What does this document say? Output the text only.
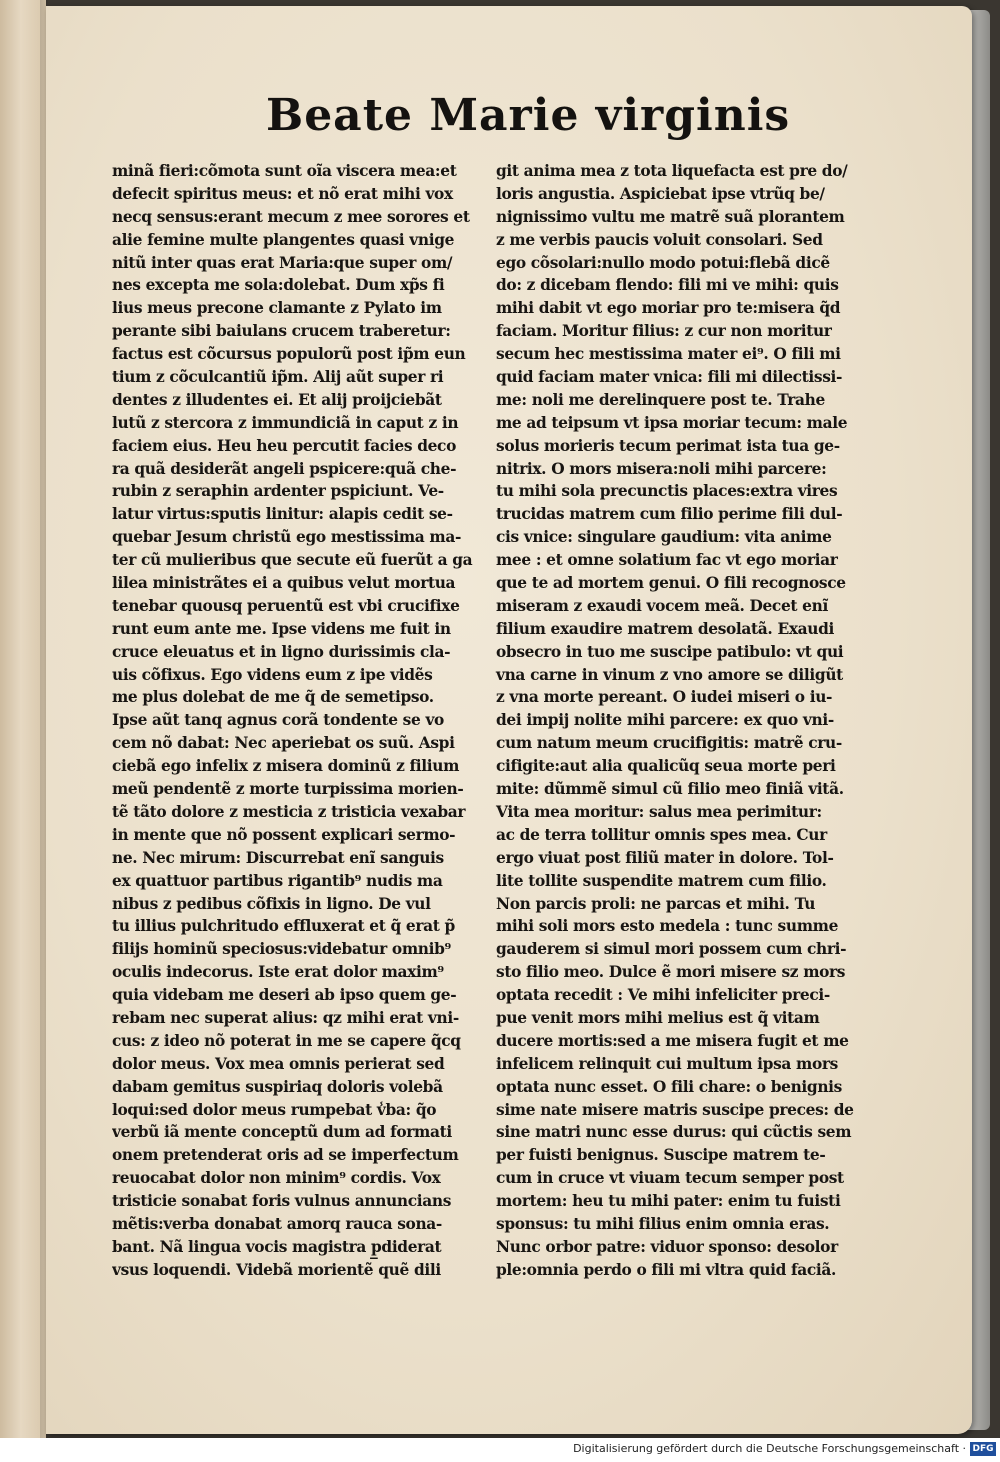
Beate Marie virginis
minã fieri:cõmota sunt oĩa viscera mea:et
defecit spiritus meus: et nõ erat mihi vox
necq sensus:erant mecum z mee sorores et
alie femine multe plangentes quasi vnige
nitũ inter quas erat Maria:que super om/
nes excepta me sola:dolebat. Dum xp̃s fi
lius meus precone clamante z Pylato im
perante sibi baiulans crucem traberetur:
factus est cõcursus populorũ post ip̃m eun
tium z cõculcantiũ ip̃m. Alij aũt super ri
dentes z illudentes ei. Et alij proijciebãt
lutũ z stercora z immundiciã in caput z in
faciem eius. Heu heu percutit facies deco
ra quã desiderãt angeli pspicere:quã che-
rubin z seraphin ardenter pspiciunt. Ve-
latur virtus:sputis linitur: alapis cedit se-
quebar Jesum christũ ego mestissima ma-
ter cũ mulieribus que secute eũ fuerũt a ga
lilea ministrãtes ei a quibus velut mortua
tenebar quousq peruentũ est vbi crucifixe
runt eum ante me. Ipse videns me fuit in
cruce eleuatus et in ligno durissimis cla-
uis cõfixus. Ego videns eum z ipe vidẽs
me plus dolebat de me q̃ de semetipso.
Ipse aũt tanq agnus corã tondente se vo
cem nõ dabat: Nec aperiebat os suũ. Aspi
ciebã ego infelix z misera dominũ z filium
meũ pendentẽ z morte turpissima morien-
tẽ tãto dolore z mesticia z tristicia vexabar
in mente que nõ possent explicari sermo-
ne. Nec mirum: Discurrebat enĩ sanguis
ex quattuor partibus rigantib⁹ nudis ma
nibus z pedibus cõfixis in ligno. De vul
tu illius pulchritudo effluxerat et q̃ erat p̃
filijs hominũ speciosus:videbatur omnib⁹
oculis indecorus. Iste erat dolor maxim⁹
quia videbam me deseri ab ipso quem ge-
rebam nec superat alius: qz mihi erat vni-
cus: z ideo nõ poterat in me se capere q̃cq
dolor meus. Vox mea omnis perierat sed
dabam gemitus suspiriaq doloris volebã
loqui:sed dolor meus rumpebat v̾ba: q̃o
verbũ iã mente conceptũ dum ad formati
onem pretenderat oris ad se imperfectum
reuocabat dolor non minim⁹ cordis. Vox
tristicie sonabat foris vulnus annuncians
mẽtis:verba donabat amorq rauca sona-
bant. Nã lingua vocis magistra p̲diderat
vsus loquendi. Videbã morientẽ quẽ dili
git anima mea z tota liquefacta est pre do/
loris angustia. Aspiciebat ipse vtrũq be/
nignissimo vultu me matrẽ suã plorantem
z me verbis paucis voluit consolari. Sed
ego cõsolari:nullo modo potui:flebã dicẽ
do: z dicebam flendo: fili mi ve mihi: quis
mihi dabit vt ego moriar pro te:misera q̃d
faciam. Moritur filius: z cur non moritur
secum hec mestissima mater ei⁹. O fili mi
quid faciam mater vnica: fili mi dilectissi-
me: noli me derelinquere post te. Trahe
me ad teipsum vt ipsa moriar tecum: male
solus morieris tecum perimat ista tua ge-
nitrix. O mors misera:noli mihi parcere:
tu mihi sola precunctis places:extra vires
trucidas matrem cum filio perime fili dul-
cis vnice: singulare gaudium: vita anime
mee : et omne solatium fac vt ego moriar
que te ad mortem genui. O fili recognosce
miseram z exaudi vocem meã. Decet enĩ
filium exaudire matrem desolatã. Exaudi
obsecro in tuo me suscipe patibulo: vt qui
vna carne in vinum z vno amore se diligũt
z vna morte pereant. O iudei miseri o iu-
dei impij nolite mihi parcere: ex quo vni-
cum natum meum crucifigitis: matrẽ cru-
cifigite:aut alia qualicũq seua morte peri
mite: dũmmẽ simul cũ filio meo finiã vitã.
Vita mea moritur: salus mea perimitur:
ac de terra tollitur omnis spes mea. Cur
ergo viuat post filiũ mater in dolore. Tol-
lite tollite suspendite matrem cum filio.
Non parcis proli: ne parcas et mihi. Tu
mihi soli mors esto medela : tunc summe
gauderem si simul mori possem cum chri-
sto filio meo. Dulce ẽ mori misere sz mors
optata recedit : Ve mihi infeliciter preci-
pue venit mors mihi melius est q̃ vitam
ducere mortis:sed a me misera fugit et me
infelicem relinquit cui multum ipsa mors
optata nunc esset. O fili chare: o benignis
sime nate misere matris suscipe preces: de
sine matri nunc esse durus: qui cũctis sem
per fuisti benignus. Suscipe matrem te-
cum in cruce vt viuam tecum semper post
mortem: heu tu mihi pater: enim tu fuisti
sponsus: tu mihi filius enim omnia eras.
Nunc orbor patre: viduor sponso: desolor
ple:omnia perdo o fili mi vltra quid faciã.
Digitalisierung gefördert durch die Deutsche Forschungsgemeinschaft · DFG
